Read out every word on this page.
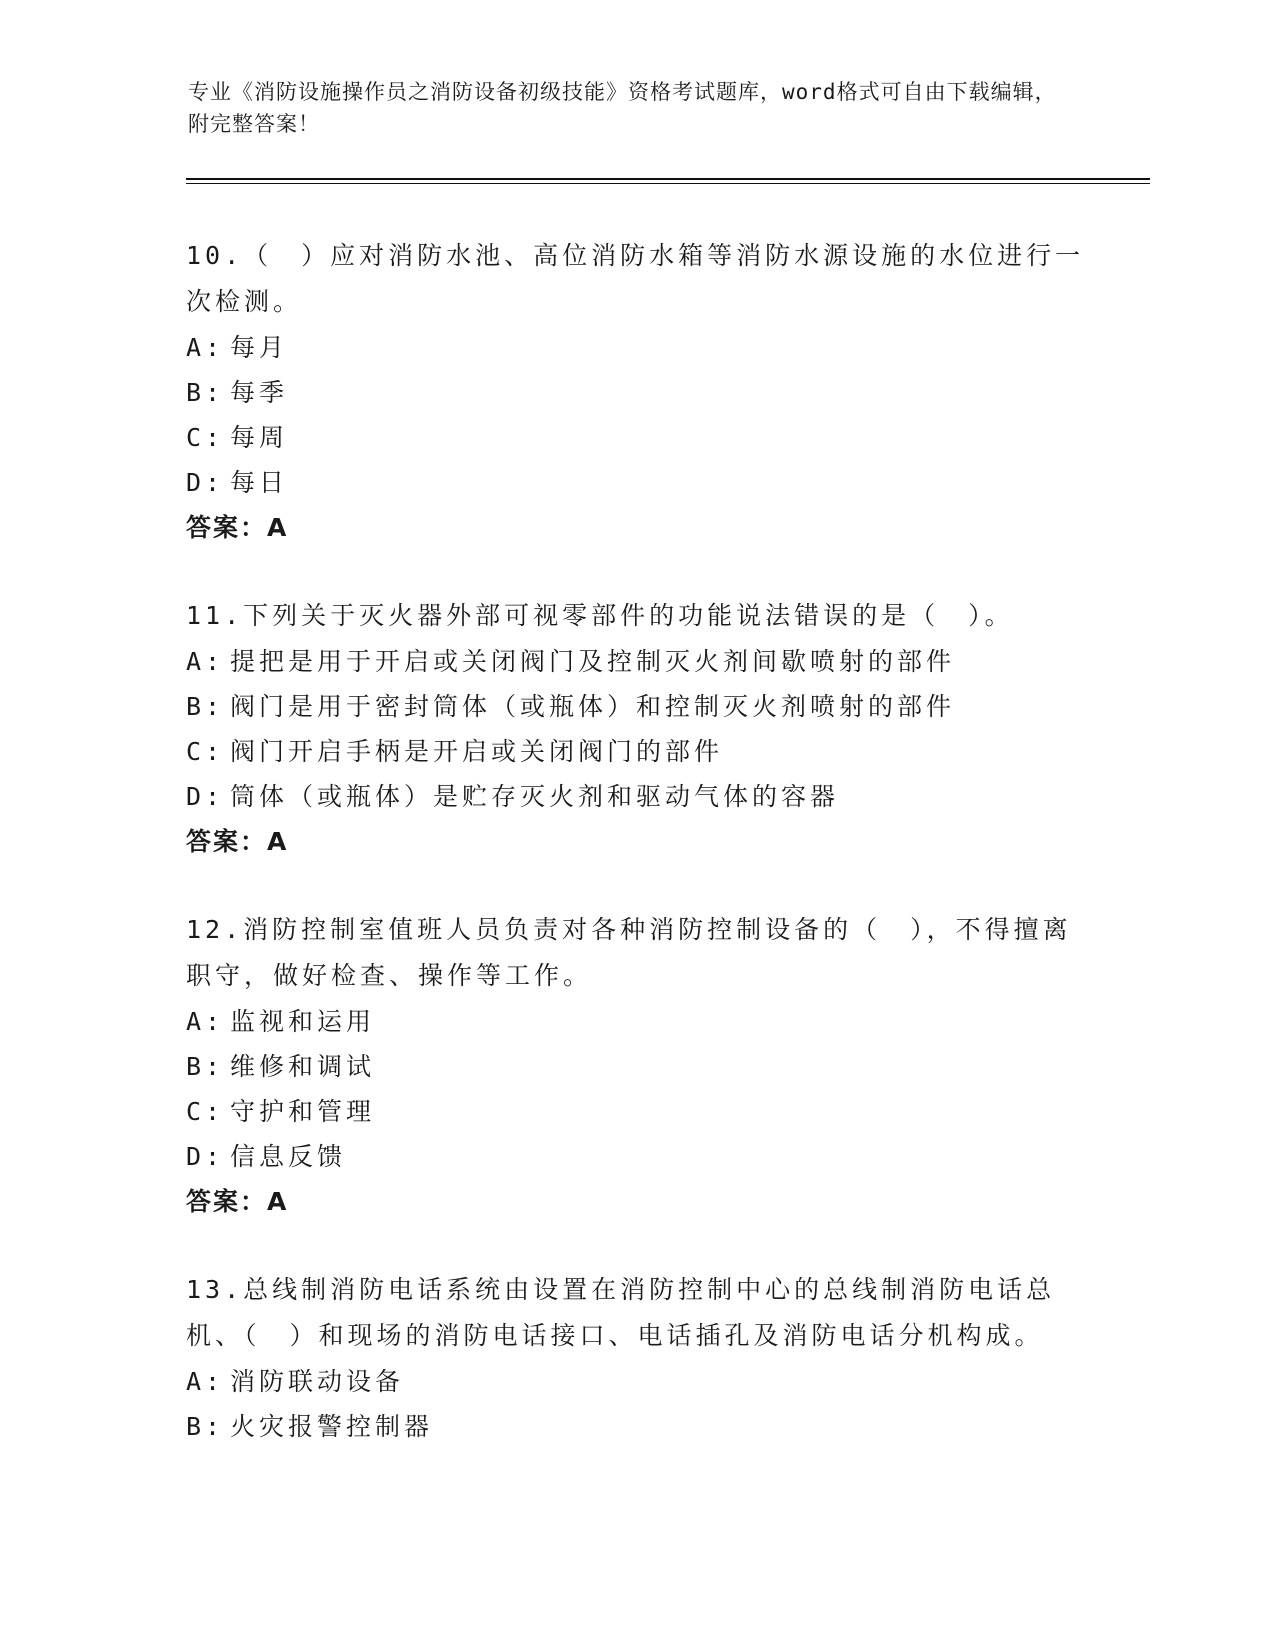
专业《消防设施操作员之消防设备初级技能》资格考试题库，word格式可自由下载编辑，附完整答案！

10.（　）应对消防水池、高位消防水箱等消防水源设施的水位进行一次检测。

A: 每月
B: 每季
C: 每周
D: 每日
答案：A

11.下列关于灭火器外部可视零部件的功能说法错误的是（　）。

A: 提把是用于开启或关闭阀门及控制灭火剂间歇喷射的部件
B: 阀门是用于密封筒体（或瓶体）和控制灭火剂喷射的部件
C: 阀门开启手柄是开启或关闭阀门的部件
D: 筒体（或瓶体）是贮存灭火剂和驱动气体的容器
答案：A

12.消防控制室值班人员负责对各种消防控制设备的（　），不得擅离职守，做好检查、操作等工作。

A: 监视和运用
B: 维修和调试
C: 守护和管理
D: 信息反馈
答案：A

13.总线制消防电话系统由设置在消防控制中心的总线制消防电话总机、（　）和现场的消防电话接口、电话插孔及消防电话分机构成。

A: 消防联动设备
B: 火灾报警控制器
